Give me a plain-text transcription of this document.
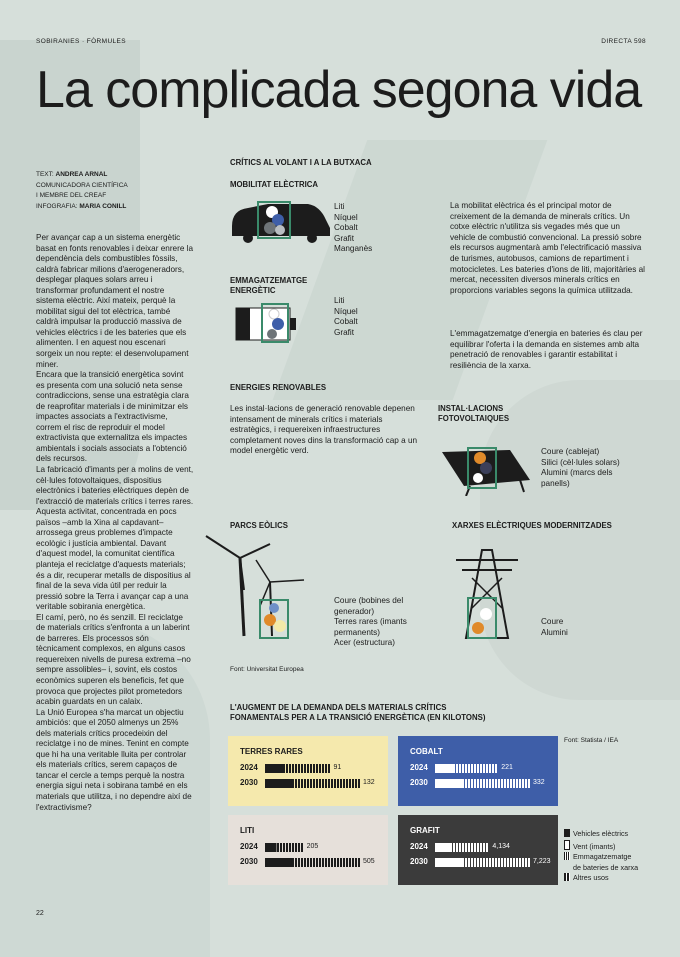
SOBIRANIES · FÒRMULES	DIRECTA 598
La complicada segona vida
TEXT: ANDREA ARNAL
COMUNICADORA CIENTÍFICA
I MEMBRE DEL CREAF
INFOGRAFIA: MARIA CONILL

Per avançar cap a un sistema energètic basat en fonts renovables i deixar enrere la dependència dels combustibles fòssils, caldrà fabricar milions d'aerogeneradors, desplegar plaques solars arreu i transformar profundament el nostre sistema elèctric. Així mateix, perquè la mobilitat sigui del tot elèctrica, també caldrà impulsar la producció massiva de vehicles elèctrics i de les bateries que els alimenten. I en aquest nou escenari sorgeix un nou repte: el desenvolupament miner.

Encara que la transició energètica sovint es presenta com una solució neta sense contradiccions, sense una estratègia clara de reaprofitar materials i de minimitzar els impactes associats a l'extractivisme, correm el risc de reproduir el model extractivista que externalitza els impactes ambientals i socials associats a l'obtenció dels recursos.

La fabricació d'imants per a molins de vent, cèl·lules fotovoltaiques, dispositius electrònics i bateries elèctriques depèn de l'extracció de materials crítics i terres rares. Aquesta activitat, concentrada en pocs països –amb la Xina al capdavant– arrossega greus problemes d'impacte ecològic i justícia ambiental. Davant d'aquest model, la comunitat científica planteja el reciclatge d'aquests materials; és a dir, recuperar metalls de dispositius al final de la seva vida útil per reduir la pressió sobre la Terra i avançar cap a una veritable sobirania energètica.

El camí, però, no és senzill. El reciclatge de materials crítics s'enfronta a un laberint de barreres. Els processos són tècnicament complexos, en alguns casos requereixen nivells de puresa extrema –no sempre assolibles– i, sovint, els costos econòmics superen els beneficis, fet que provoca que projectes pilot prometedors acabin guardats en un calaix.

La Unió Europea s'ha marcat un objectiu ambiciós: que el 2050 almenys un 25% dels materials crítics procedeixin del reciclatge i no de mines. Tenint en compte que hi ha una veritable lluita per controlar els materials crítics, serem capaços de tancar el cercle a temps perquè la nostra energia sigui neta i sobirana també en els materials que utilitza, i no dependre així de l'extractivisme?

CRÍTICS AL VOLANT I A LA BUTXACA
MOBILITAT ELÈCTRICA
Liti
Níquel
Cobalt
Grafit
Manganès
La mobilitat elèctrica és el principal motor de creixement de la demanda de minerals crítics. Un cotxe elèctric n'utilitza sis vegades més que un vehicle de combustió convencional. La pressió sobre els recursos augmentarà amb l'electrificació massiva de turismes, autobusos, camions de repartiment i motocicletes. Les bateries d'ions de liti, majoritàries al mercat, necessiten diversos minerals crítics en proporcions variables segons la química utilitzada.
EMMAGATZEMATGE
ENERGÈTIC
Liti
Níquel
Cobalt
Grafit	L'emmagatzematge d'energia en bateries és clau per equilibrar l'oferta i la demanda en sistemes amb alta penetració de renovables i garantir estabilitat i resiliència de la xarxa.
ENERGIES RENOVABLES
Les instal·lacions de generació renovable depenen intensament de minerals crítics i materials estratègics, i requereixen infraestructures completament noves dins la transformació cap a un model energètic verd.
INSTAL·LACIONS
FOTOVOLTAIQUES
Coure (cablejat)
Silici (cèl·lules solars)
Alumini (marcs dels
panells)
PARCS EÒLICS
Coure (bobines del
generador)
Terres rares (imants
permanents)
Acer (estructura)
XARXES ELÈCTRIQUES MODERNITZADES
Coure
Alumini
Font: Universitat Europea
L'AUGMENT DE LA DEMANDA DELS MATERIALS CRÍTICS
FONAMENTALS PER A LA TRANSICIÓ ENERGÈTICA (EN KILOTONS)
Font: Statista / IEA
TERRES RARES
2024	91
2030	132
COBALT
2024	221
2030	332
LITI
2024	205
2030	505
GRAFIT
2024	4,134
2030	7,223
Vehicles elèctrics
Vent (imants)
Emmagatzematge
de bateries de xarxa
Altres usos
22
